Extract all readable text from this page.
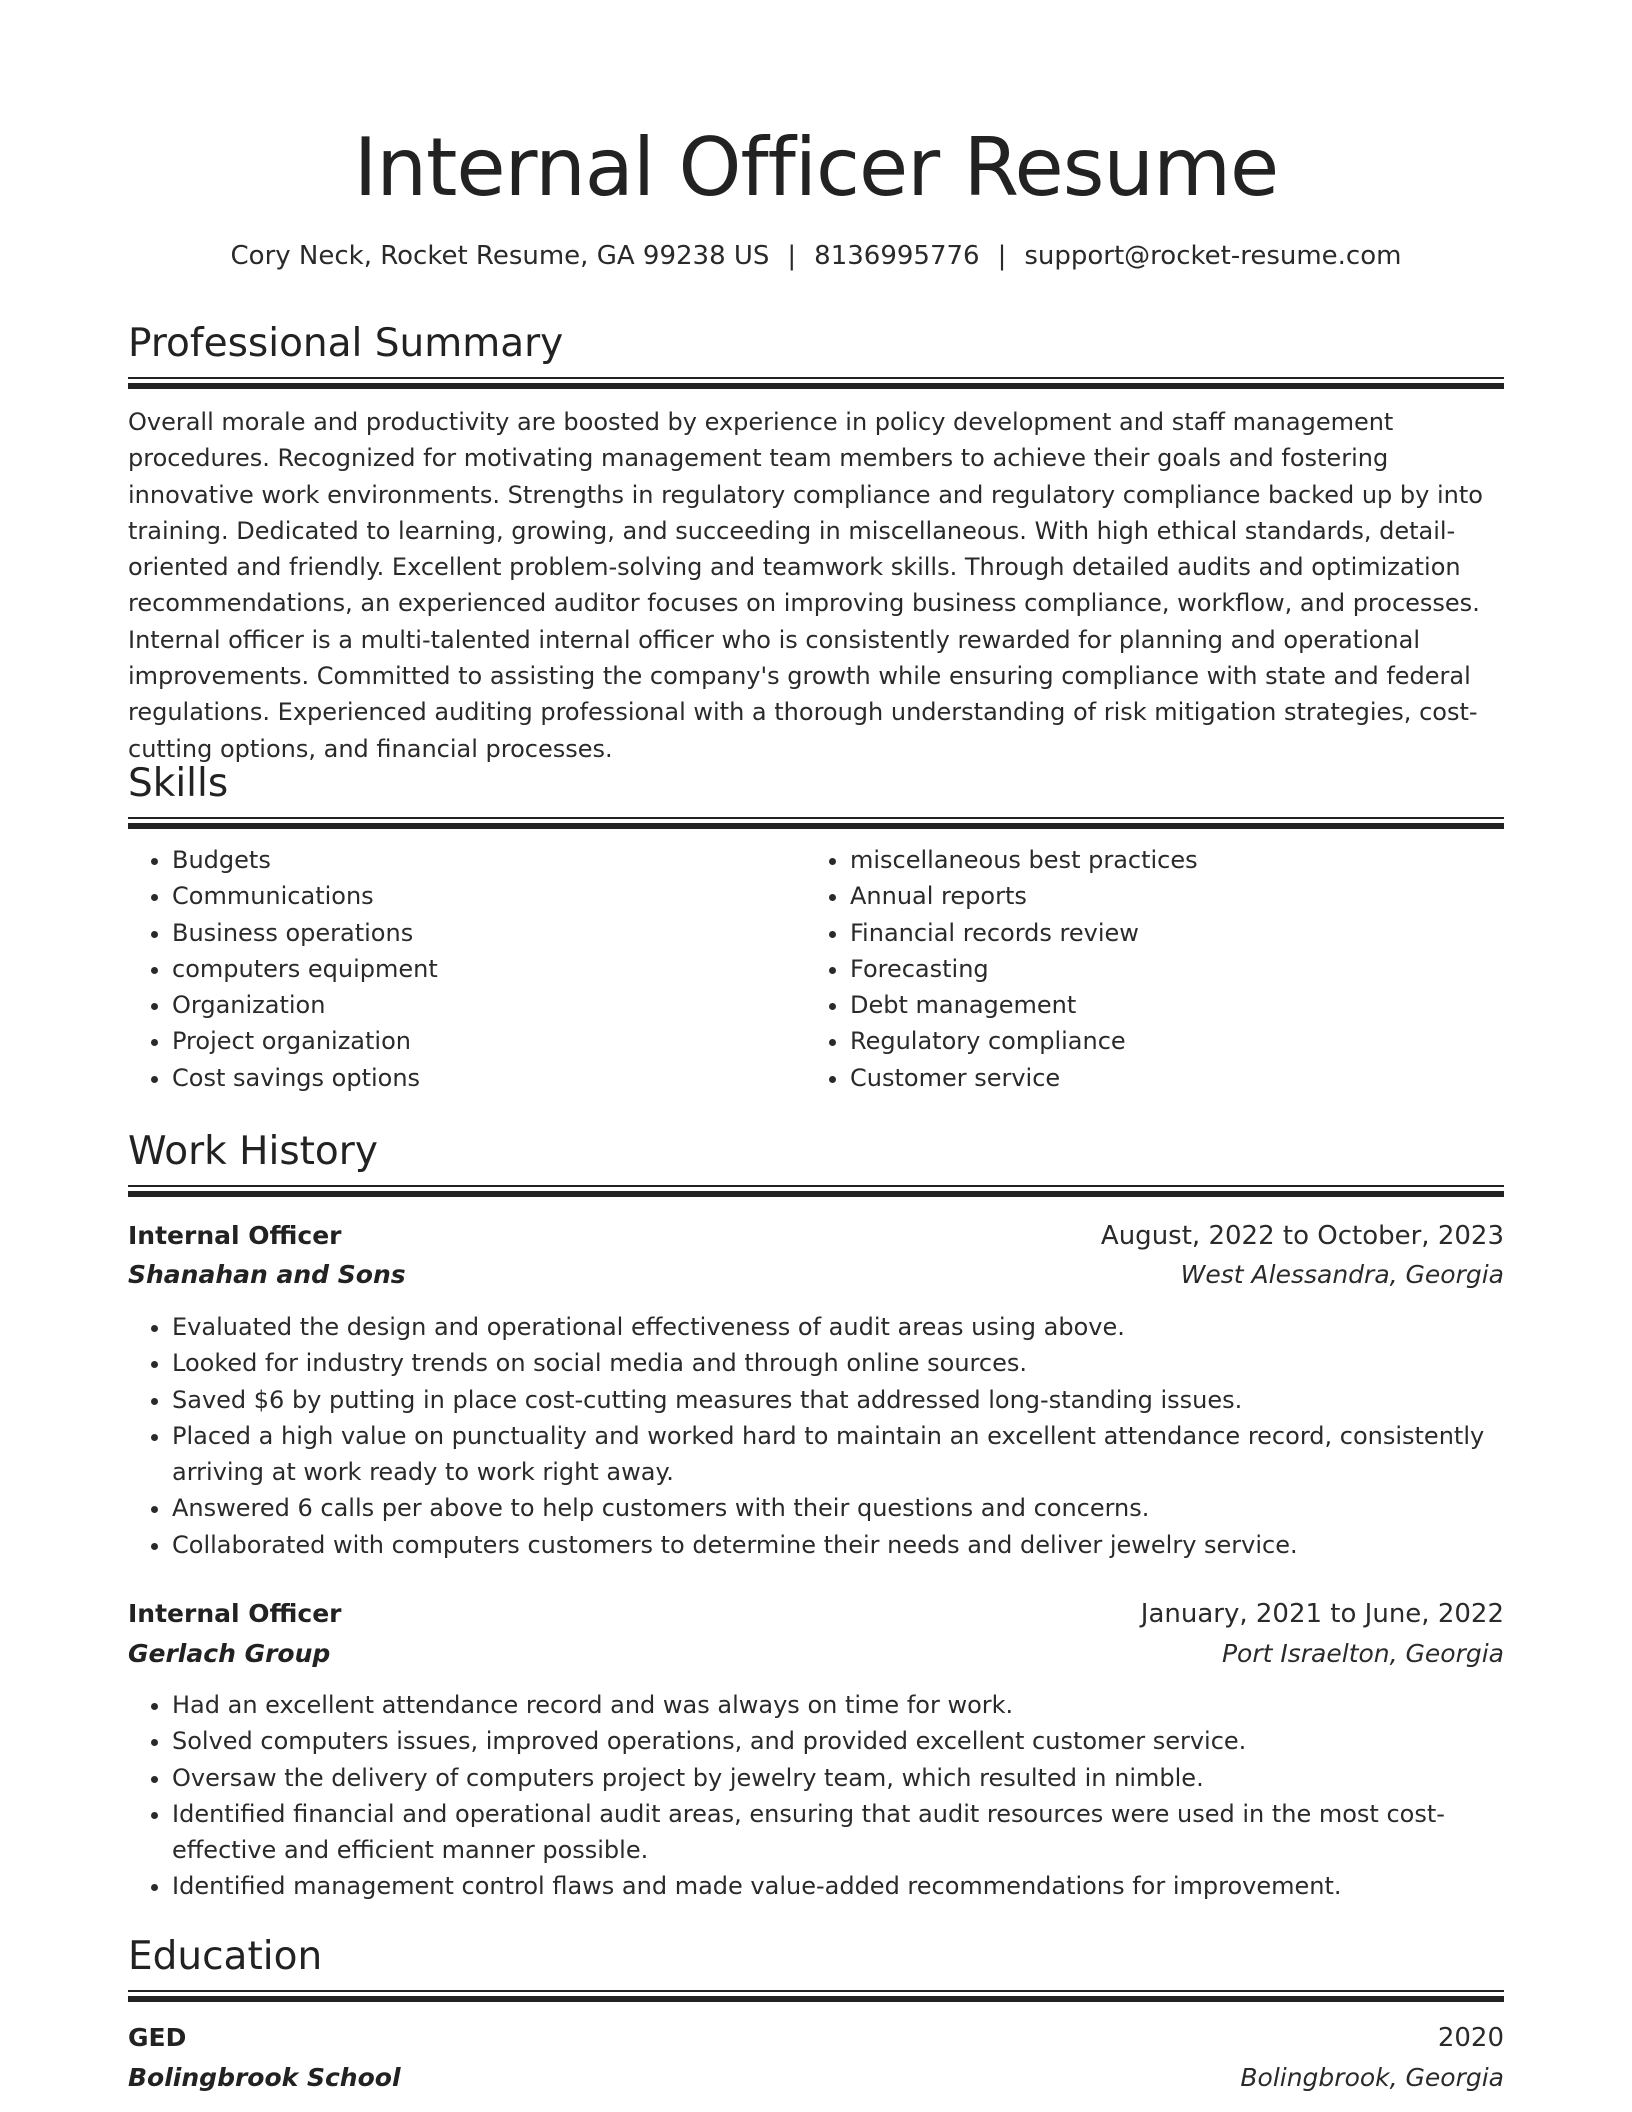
Internal Officer Resume
Cory Neck, Rocket Resume, GA 99238 US | 8136995776 | support@rocket-resume.com
Professional Summary

Overall morale and productivity are boosted by experience in policy development and staff management procedures. Recognized for motivating management team members to achieve their goals and fostering innovative work environments. Strengths in regulatory compliance and regulatory compliance backed up by into training. Dedicated to learning, growing, and succeeding in miscellaneous. With high ethical standards, detail-oriented and friendly. Excellent problem-solving and teamwork skills. Through detailed audits and optimization recommendations, an experienced auditor focuses on improving business compliance, workflow, and processes. Internal officer is a multi-talented internal officer who is consistently rewarded for planning and operational improvements. Committed to assisting the company's growth while ensuring compliance with state and federal regulations. Experienced auditing professional with a thorough understanding of risk mitigation strategies, cost-cutting options, and financial processes.

Skills
• Budgets
• Communications
• Business operations
• computers equipment
• Organization
• Project organization
• Cost savings options
• miscellaneous best practices
• Annual reports
• Financial records review
• Forecasting
• Debt management
• Regulatory compliance
• Customer service
Work History
Internal Officer	August, 2022 to October, 2023
Shanahan and Sons	West Alessandra, Georgia
• Evaluated the design and operational effectiveness of audit areas using above.
• Looked for industry trends on social media and through online sources.
• Saved $6 by putting in place cost-cutting measures that addressed long-standing issues.
• Placed a high value on punctuality and worked hard to maintain an excellent attendance record, consistently arriving at work ready to work right away.
• Answered 6 calls per above to help customers with their questions and concerns.
• Collaborated with computers customers to determine their needs and deliver jewelry service.
Internal Officer	January, 2021 to June, 2022
Gerlach Group	Port Israelton, Georgia
• Had an excellent attendance record and was always on time for work.
• Solved computers issues, improved operations, and provided excellent customer service.
• Oversaw the delivery of computers project by jewelry team, which resulted in nimble.
• Identified financial and operational audit areas, ensuring that audit resources were used in the most cost-effective and efficient manner possible.
• Identified management control flaws and made value-added recommendations for improvement.
Education
GED	2020
Bolingbrook School	Bolingbrook, Georgia
